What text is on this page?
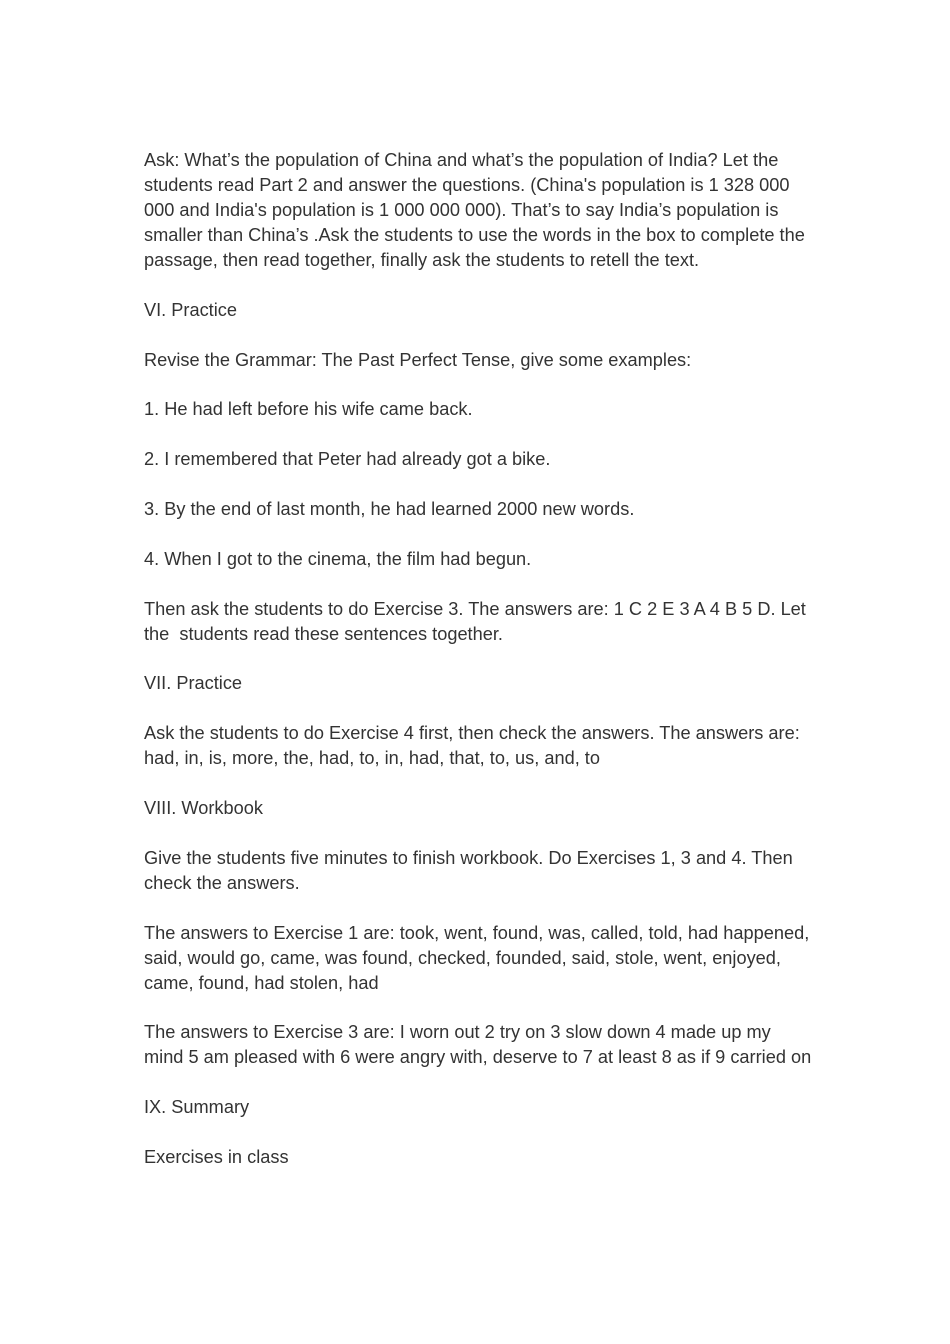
Ask: What’s the population of China and what’s the population of India? Let the students read Part 2 and answer the questions. (China's population is 1 328 000 000 and India's population is 1 000 000 000). That’s to say India’s population is smaller than China’s .Ask the students to use the words in the box to complete the passage, then read together, finally ask the students to retell the text.

VI. Practice

Revise the Grammar: The Past Perfect Tense, give some examples:

1. He had left before his wife came back.

2. I remembered that Peter had already got a bike.

3. By the end of last month, he had learned 2000 new words.

4. When I got to the cinema, the film had begun.

Then ask the students to do Exercise 3. The answers are: 1 C 2 E 3 A 4 B 5 D. Let the  students read these sentences together.

VII. Practice

Ask the students to do Exercise 4 first, then check the answers. The answers are: had, in, is, more, the, had, to, in, had, that, to, us, and, to

VIII. Workbook

Give the students five minutes to finish workbook. Do Exercises 1, 3 and 4. Then check the answers.

The answers to Exercise 1 are: took, went, found, was, called, told, had happened, said, would go, came, was found, checked, founded, said, stole, went, enjoyed, came, found, had stolen, had

The answers to Exercise 3 are: I worn out 2 try on 3 slow down 4 made up my mind 5 am pleased with 6 were angry with, deserve to 7 at least 8 as if 9 carried on

IX. Summary

Exercises in class
